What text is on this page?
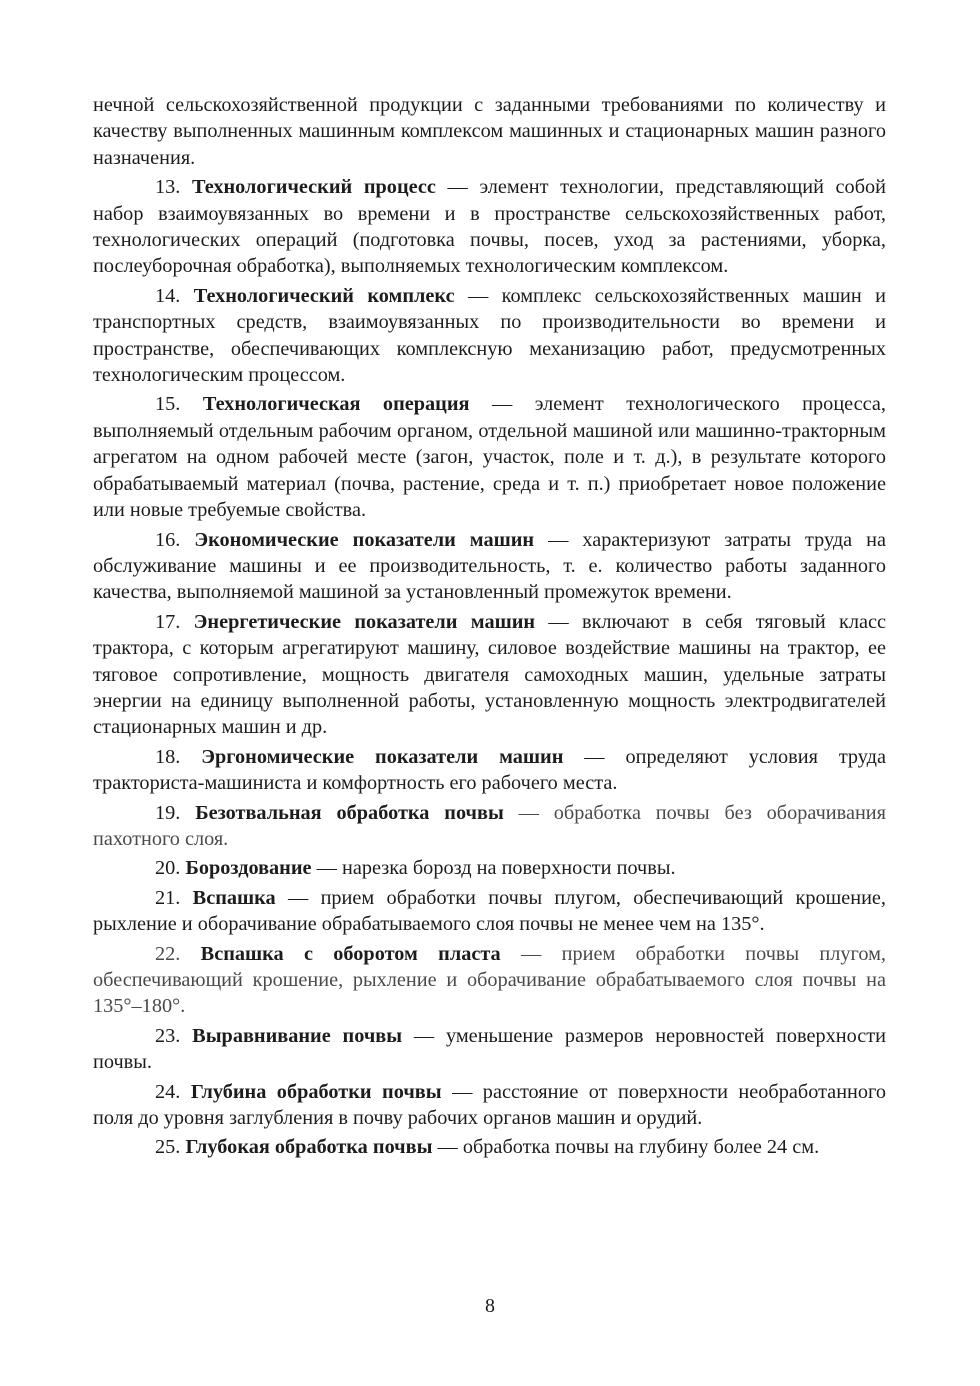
нечной сельскохозяйственной продукции с заданными требованиями по количеству и качеству выполненных машинным комплексом машинных и стационарных машин разного назначения.

13. Технологический процесс — элемент технологии, представляющий собой набор взаимоувязанных во времени и в пространстве сельскохозяйственных работ, технологических операций (подготовка почвы, посев, уход за растениями, уборка, послеуборочная обработка), выполняемых технологическим комплексом.

14. Технологический комплекс — комплекс сельскохозяйственных машин и транспортных средств, взаимоувязанных по производительности во времени и пространстве, обеспечивающих комплексную механизацию работ, предусмотренных технологическим процессом.

15. Технологическая операция — элемент технологического процесса, выполняемый отдельным рабочим органом, отдельной машиной или машинно-тракторным агрегатом на одном рабочей месте (загон, участок, поле и т. д.), в результате которого обрабатываемый материал (почва, растение, среда и т. п.) приобретает новое положение или новые требуемые свойства.

16. Экономические показатели машин — характеризуют затраты труда на обслуживание машины и ее производительность, т. е. количество работы заданного качества, выполняемой машиной за установленный промежуток времени.

17. Энергетические показатели машин — включают в себя тяговый класс трактора, с которым агрегатируют машину, силовое воздействие машины на трактор, ее тяговое сопротивление, мощность двигателя самоходных машин, удельные затраты энергии на единицу выполненной работы, установленную мощность электродвигателей стационарных машин и др.

18. Эргономические показатели машин — определяют условия труда тракториста-машиниста и комфортность его рабочего места.

19. Безотвальная обработка почвы — обработка почвы без оборачивания пахотного слоя.

20. Бороздование — нарезка борозд на поверхности почвы.

21. Вспашка — прием обработки почвы плугом, обеспечивающий крошение, рыхление и оборачивание обрабатываемого слоя почвы не менее чем на 135°.

22. Вспашка с оборотом пласта — прием обработки почвы плугом, обеспечивающий крошение, рыхление и оборачивание обрабатываемого слоя почвы на 135°–180°.

23. Выравнивание почвы — уменьшение размеров неровностей поверхности почвы.

24. Глубина обработки почвы — расстояние от поверхности необработанного поля до уровня заглубления в почву рабочих органов машин и орудий.

25. Глубокая обработка почвы — обработка почвы на глубину более 24 см.

8
